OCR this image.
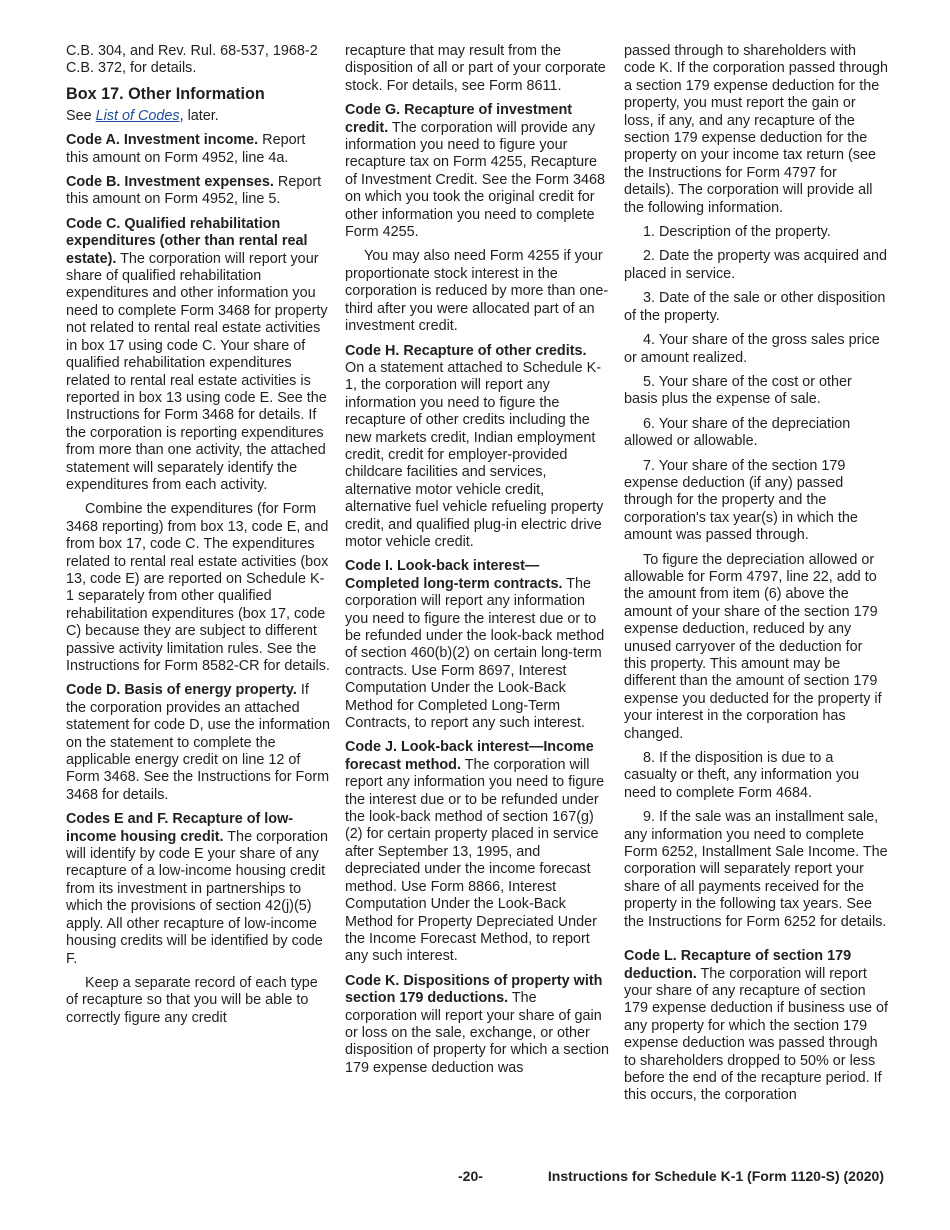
C.B. 304, and Rev. Rul. 68-537, 1968-2 C.B. 372, for details.
Box 17. Other Information
See List of Codes, later.
Code A. Investment income. Report this amount on Form 4952, line 4a.
Code B. Investment expenses. Report this amount on Form 4952, line 5.
Code C. Qualified rehabilitation expenditures (other than rental real estate). The corporation will report your share of qualified rehabilitation expenditures and other information you need to complete Form 3468 for property not related to rental real estate activities in box 17 using code C. Your share of qualified rehabilitation expenditures related to rental real estate activities is reported in box 13 using code E. See the Instructions for Form 3468 for details. If the corporation is reporting expenditures from more than one activity, the attached statement will separately identify the expenditures from each activity.
Combine the expenditures (for Form 3468 reporting) from box 13, code E, and from box 17, code C. The expenditures related to rental real estate activities (box 13, code E) are reported on Schedule K-1 separately from other qualified rehabilitation expenditures (box 17, code C) because they are subject to different passive activity limitation rules. See the Instructions for Form 8582-CR for details.
Code D. Basis of energy property. If the corporation provides an attached statement for code D, use the information on the statement to complete the applicable energy credit on line 12 of Form 3468. See the Instructions for Form 3468 for details.
Codes E and F. Recapture of low-income housing credit. The corporation will identify by code E your share of any recapture of a low-income housing credit from its investment in partnerships to which the provisions of section 42(j)(5) apply. All other recapture of low-income housing credits will be identified by code F.
Keep a separate record of each type of recapture so that you will be able to correctly figure any credit
recapture that may result from the disposition of all or part of your corporate stock. For details, see Form 8611.
Code G. Recapture of investment credit. The corporation will provide any information you need to figure your recapture tax on Form 4255, Recapture of Investment Credit. See the Form 3468 on which you took the original credit for other information you need to complete Form 4255.
You may also need Form 4255 if your proportionate stock interest in the corporation is reduced by more than one-third after you were allocated part of an investment credit.
Code H. Recapture of other credits. On a statement attached to Schedule K-1, the corporation will report any information you need to figure the recapture of other credits including the new markets credit, Indian employment credit, credit for employer-provided childcare facilities and services, alternative motor vehicle credit, alternative fuel vehicle refueling property credit, and qualified plug-in electric drive motor vehicle credit.
Code I. Look-back interest—Completed long-term contracts. The corporation will report any information you need to figure the interest due or to be refunded under the look-back method of section 460(b)(2) on certain long-term contracts. Use Form 8697, Interest Computation Under the Look-Back Method for Completed Long-Term Contracts, to report any such interest.
Code J. Look-back interest—Income forecast method. The corporation will report any information you need to figure the interest due or to be refunded under the look-back method of section 167(g)(2) for certain property placed in service after September 13, 1995, and depreciated under the income forecast method. Use Form 8866, Interest Computation Under the Look-Back Method for Property Depreciated Under the Income Forecast Method, to report any such interest.
Code K. Dispositions of property with section 179 deductions. The corporation will report your share of gain or loss on the sale, exchange, or other disposition of property for which a section 179 expense deduction was
passed through to shareholders with code K. If the corporation passed through a section 179 expense deduction for the property, you must report the gain or loss, if any, and any recapture of the section 179 expense deduction for the property on your income tax return (see the Instructions for Form 4797 for details). The corporation will provide all the following information.
1. Description of the property.
2. Date the property was acquired and placed in service.
3. Date of the sale or other disposition of the property.
4. Your share of the gross sales price or amount realized.
5. Your share of the cost or other basis plus the expense of sale.
6. Your share of the depreciation allowed or allowable.
7. Your share of the section 179 expense deduction (if any) passed through for the property and the corporation's tax year(s) in which the amount was passed through.
To figure the depreciation allowed or allowable for Form 4797, line 22, add to the amount from item (6) above the amount of your share of the section 179 expense deduction, reduced by any unused carryover of the deduction for this property. This amount may be different than the amount of section 179 expense you deducted for the property if your interest in the corporation has changed.
8. If the disposition is due to a casualty or theft, any information you need to complete Form 4684.
9. If the sale was an installment sale, any information you need to complete Form 6252, Installment Sale Income. The corporation will separately report your share of all payments received for the property in the following tax years. See the Instructions for Form 6252 for details.
Code L. Recapture of section 179 deduction. The corporation will report your share of any recapture of section 179 expense deduction if business use of any property for which the section 179 expense deduction was passed through to shareholders dropped to 50% or less before the end of the recapture period. If this occurs, the corporation
-20-	Instructions for Schedule K-1 (Form 1120-S) (2020)
